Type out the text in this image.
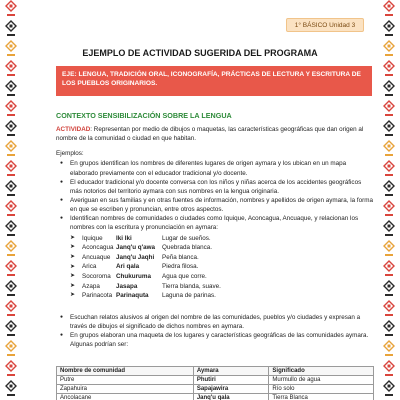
1° BÁSICO Unidad 3
EJEMPLO DE ACTIVIDAD SUGERIDA DEL PROGRAMA
EJE: LENGUA, TRADICIÓN ORAL, ICONOGRAFÍA, PRÁCTICAS DE LECTURA Y ESCRITURA DE LOS PUEBLOS ORIGINARIOS.
CONTEXTO SENSIBILIZACIÓN SOBRE LA LENGUA
ACTIVIDAD: Representan por medio de dibujos o maquetas, las características geográficas que dan origen al nombre de la comunidad o ciudad en que habitan.
Ejemplos:
● En grupos identifican los nombres de diferentes lugares de origen aymara y los ubican en un mapa elaborado previamente con el educador tradicional y/o docente.
● El educador tradicional y/o docente conversa con los niños y niñas acerca de los accidentes geográficos más notorios del territorio aymara con sus nombres en la lengua originaria.
● Averiguan en sus familias y en otras fuentes de información, nombres y apellidos de origen aymara, la forma en que se escriben y pronuncian, entre otros aspectos.
● Identifican nombres de comunidades o ciudades como Iquique, Aconcagua, Ancuaque, y relacionan los nombres con la escritura y pronunciación en aymara:
➤	Iquique	Iki Iki	Lugar de sueños.
➤	Aconcagua Janq'u q'awa	Quebrada blanca.
➤	Ancuaque Janq'u Jaqhi	Peña blanca.
➤	Arica	Ari qala	Piedra filosa.
➤	Socoroma Chukuruma	Agua que corre.
➤	Azapa	Jasapa	Tierra blanda, suave.
➤	Parinacota Parinaquta	Laguna de parinas.
● Escuchan relatos alusivos al origen del nombre de las comunidades, pueblos y/o ciudades y expresan a través de dibujos el significado de dichos nombres en aymara.
● En grupos elaboran una maqueta de los lugares y características geográficas de las comunidades aymara. Algunas podrían ser:
Nombre de comunidad	Aymara	Significado
Putre	Phutiri	Murmullo de agua
Zapahuira	Sapajawira	Río solo
Ancolacane	Janq'u qala	Tierra Blanca
